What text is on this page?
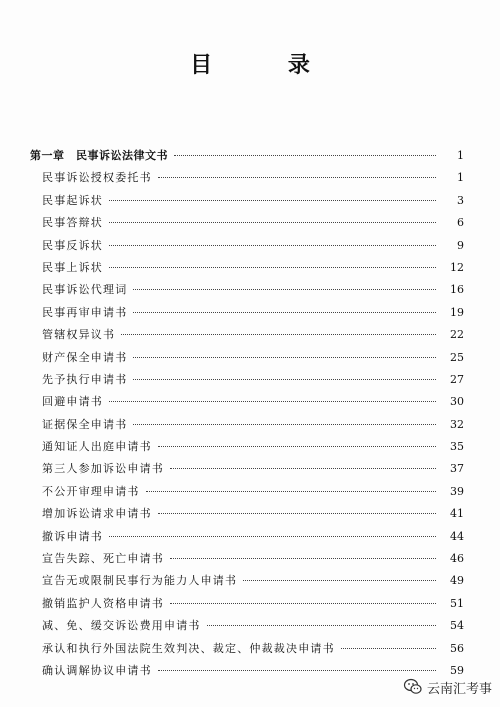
目 录
第一章　民事诉讼法律文书	1
民事诉讼授权委托书	1
民事起诉状	3
民事答辩状	6
民事反诉状	9
民事上诉状	12
民事诉讼代理词	16
民事再审申请书	19
管辖权异议书	22
财产保全申请书	25
先予执行申请书	27
回避申请书	30
证据保全申请书	32
通知证人出庭申请书	35
第三人参加诉讼申请书	37
不公开审理申请书	39
增加诉讼请求申请书	41
撤诉申请书	44
宣告失踪、死亡申请书	46
宣告无或限制民事行为能力人申请书	49
撤销监护人资格申请书	51
减、免、缓交诉讼费用申请书	54
承认和执行外国法院生效判决、裁定、仲裁裁决申请书	56
确认调解协议申请书	59
云南汇考事
